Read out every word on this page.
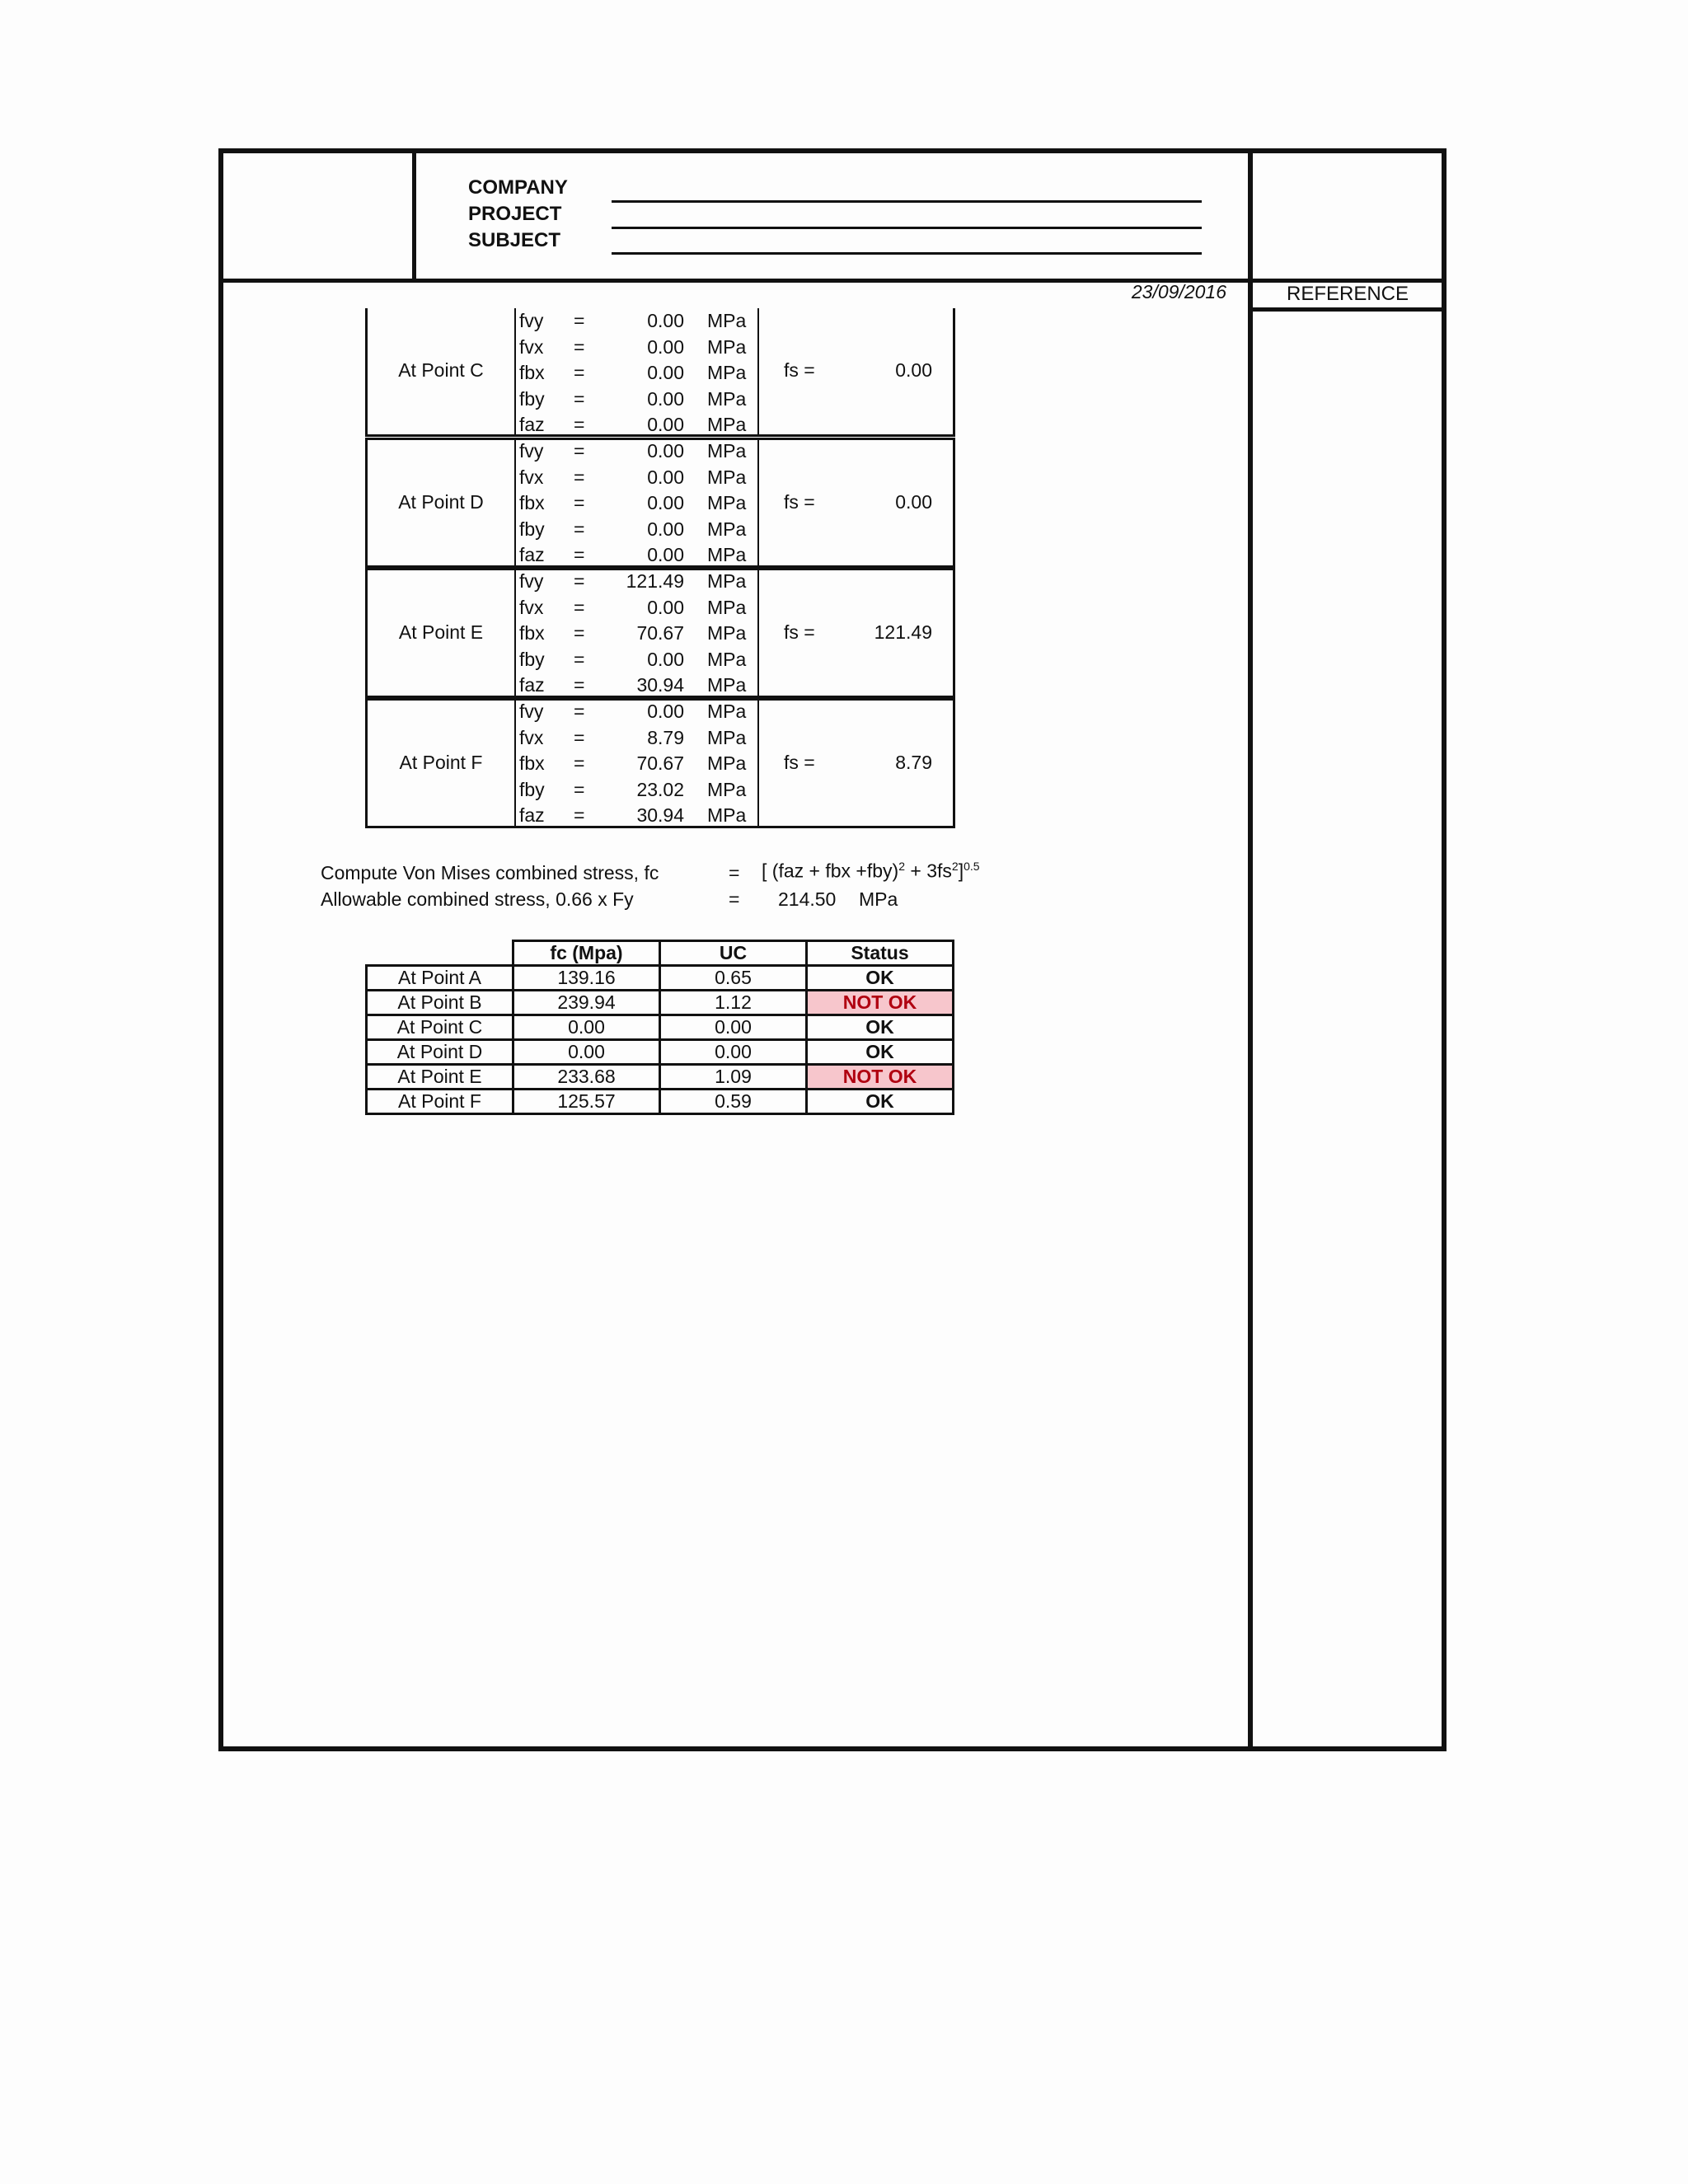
COMPANY
PROJECT
SUBJECT
23/09/2016	REFERENCE
At Point C	fs =	0.00
fvy =	0.00 MPa
fvx =	0.00 MPa
fbx =	0.00 MPa
fby =	0.00 MPa
faz =	0.00 MPa
At Point D	fs =	0.00
fvy =	0.00 MPa
fvx =	0.00 MPa
fbx =	0.00 MPa
fby =	0.00 MPa
faz =	0.00 MPa
At Point E	fs =	121.49
fvy =	121.49 MPa
fvx =	0.00 MPa
fbx =	70.67 MPa
fby =	0.00 MPa
faz =	30.94 MPa
At Point F	fs =	8.79
fvy =	0.00 MPa
fvx =	8.79 MPa
fbx =	70.67 MPa
fby =	23.02 MPa
faz =	30.94 MPa
Compute Von Mises combined stress, fc	= [ (faz + fbx $+fby)^2 + 3fs^2]^{0.5}$
Allowable combined stress, 0.66 x Fy	= 214.50 MPa
	fc (Mpa)	UC	Status
At Point A	139.16	0.65	OK
At Point B	239.94	1.12	NOT OK
At Point C	0.00	0.00	OK
At Point D	0.00	0.00	OK
At Point E	233.68	1.09	NOT OK
At Point F	125.57	0.59	OK
